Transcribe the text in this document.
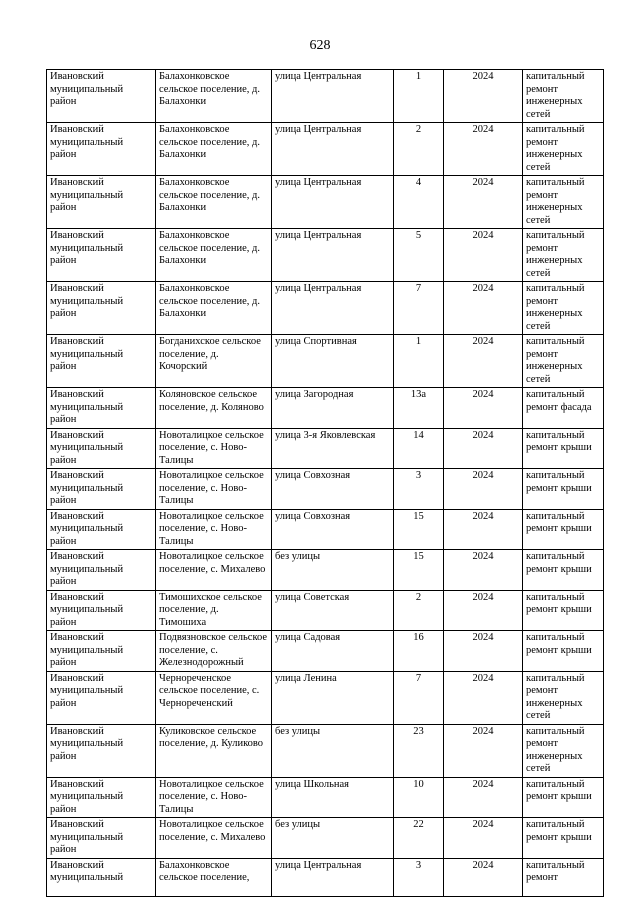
628
Ивановский муниципальный район	Балахонковское сельское поселение, д. Балахонки	улица Центральная	1	2024	капитальный ремонт инженерных сетей
Ивановский муниципальный район	Балахонковское сельское поселение, д. Балахонки	улица Центральная	2	2024	капитальный ремонт инженерных сетей
Ивановский муниципальный район	Балахонковское сельское поселение, д. Балахонки	улица Центральная	4	2024	капитальный ремонт инженерных сетей
Ивановский муниципальный район	Балахонковское сельское поселение, д. Балахонки	улица Центральная	5	2024	капитальный ремонт инженерных сетей
Ивановский муниципальный район	Балахонковское сельское поселение, д. Балахонки	улица Центральная	7	2024	капитальный ремонт инженерных сетей
Ивановский муниципальный район	Богданихское сельское поселение, д. Кочорский	улица Спортивная	1	2024	капитальный ремонт инженерных сетей
Ивановский муниципальный район	Коляновское сельское поселение, д. Коляново	улица Загородная	13а	2024	капитальный ремонт фасада
Ивановский муниципальный район	Новоталицкое сельское поселение, с. Ново-Талицы	улица 3-я Яковлевская	14	2024	капитальный ремонт крыши
Ивановский муниципальный район	Новоталицкое сельское поселение, с. Ново-Талицы	улица Совхозная	3	2024	капитальный ремонт крыши
Ивановский муниципальный район	Новоталицкое сельское поселение, с. Ново-Талицы	улица Совхозная	15	2024	капитальный ремонт крыши
Ивановский муниципальный район	Новоталицкое сельское поселение, с. Михалево	без улицы	15	2024	капитальный ремонт крыши
Ивановский муниципальный район	Тимошихское сельское поселение, д. Тимошиха	улица Советская	2	2024	капитальный ремонт крыши
Ивановский муниципальный район	Подвязновское сельское поселение, с. Железнодорожный	улица Садовая	16	2024	капитальный ремонт крыши
Ивановский муниципальный район	Чернореченское сельское поселение, с. Чернореченский	улица Ленина	7	2024	капитальный ремонт инженерных сетей
Ивановский муниципальный район	Куликовское сельское поселение, д. Куликово	без улицы	23	2024	капитальный ремонт инженерных сетей
Ивановский муниципальный район	Новоталицкое сельское поселение, с. Ново-Талицы	улица Школьная	10	2024	капитальный ремонт крыши
Ивановский муниципальный район	Новоталицкое сельское поселение, с. Михалево	без улицы	22	2024	капитальный ремонт крыши
Ивановский муниципальный	Балахонковское сельское поселение,	улица Центральная	3	2024	капитальный ремонт
